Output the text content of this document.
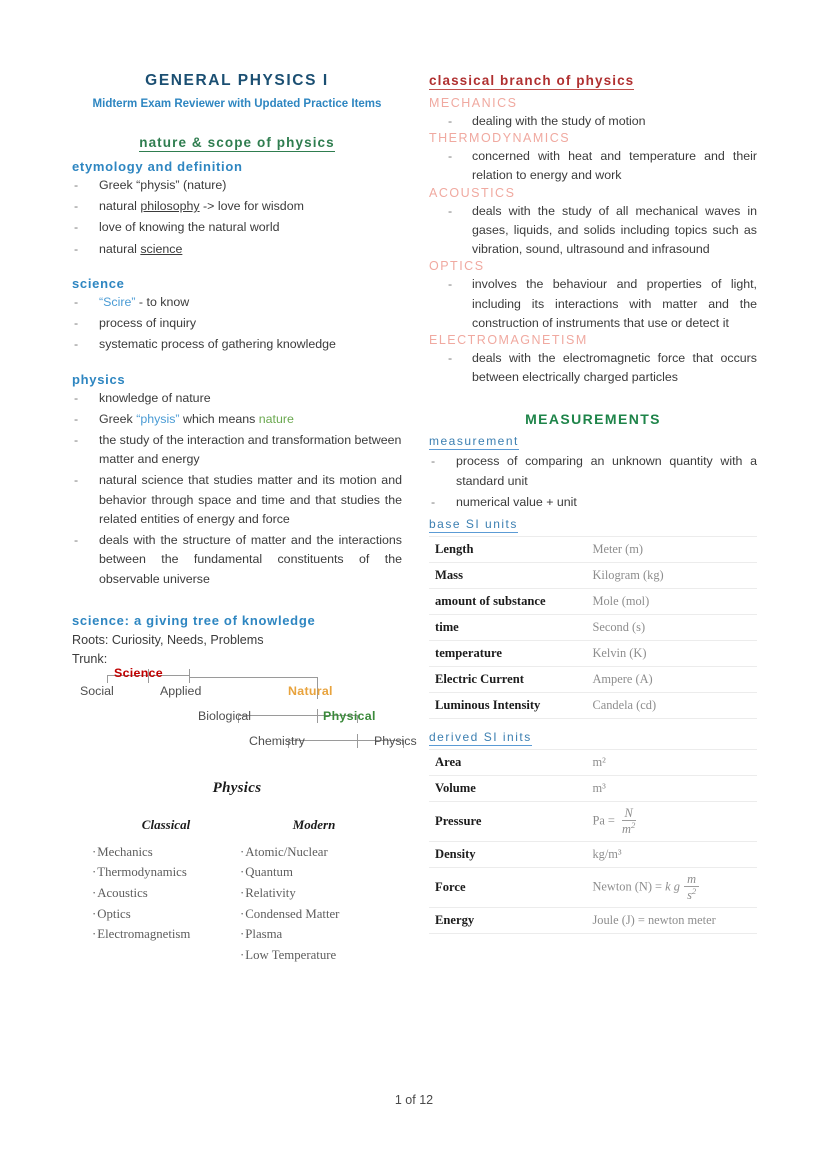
GENERAL PHYSICS I
Midterm Exam Reviewer with Updated Practice Items
nature & scope of physics
etymology and definition
- Greek “physis” (nature)
- natural philosophy -> love for wisdom
- love of knowing the natural world
- natural science
science
- “Scire” - to know
- process of inquiry
- systematic process of gathering knowledge
physics
- knowledge of nature
- Greek “physis” which means nature
- the study of the interaction and transformation between matter and energy
- natural science that studies matter and its motion and behavior through space and time and that studies the related entities of energy and force
- deals with the structure of matter and the interactions between the fundamental constituents of the observable universe
science: a giving tree of knowledge
Roots: Curiosity, Needs, Problems
Trunk:
Science
Social	Applied	Natural
Biological	Physical
Chemistry	Physics
Physics
Classical
· Mechanics
· Thermodynamics
· Acoustics
· Optics
· Electromagnetism
Modern
· Atomic/Nuclear
· Quantum
· Relativity
· Condensed Matter
· Plasma
· Low Temperature
classical branch of physics
MECHANICS
- dealing with the study of motion
THERMODYNAMICS
- concerned with heat and temperature and their relation to energy and work
ACOUSTICS
- deals with the study of all mechanical waves in gases, liquids, and solids including topics such as vibration, sound, ultrasound and infrasound
OPTICS
- involves the behaviour and properties of light, including its interactions with matter and the construction of instruments that use or detect it
ELECTROMAGNETISM
- deals with the electromagnetic force that occurs between electrically charged particles
MEASUREMENTS
measurement
- process of comparing an unknown quantity with a standard unit
- numerical value + unit
base SI units
Length	Meter (m)
Mass	Kilogram (kg)
amount of substance	Mole (mol)
time	Second (s)
temperature	Kelvin (K)
Electric Current	Ampere (A)
Luminous Intensity	Candela (cd)
derived SI inits
Area	m²
Volume	m³
Pressure	$Pa = \frac{N}{m^2}$

Density	kg/m³
Force	Newton (N) = k g $\frac{m}{s^2}$

Energy	Joule (J) = newton meter
1 of 12
